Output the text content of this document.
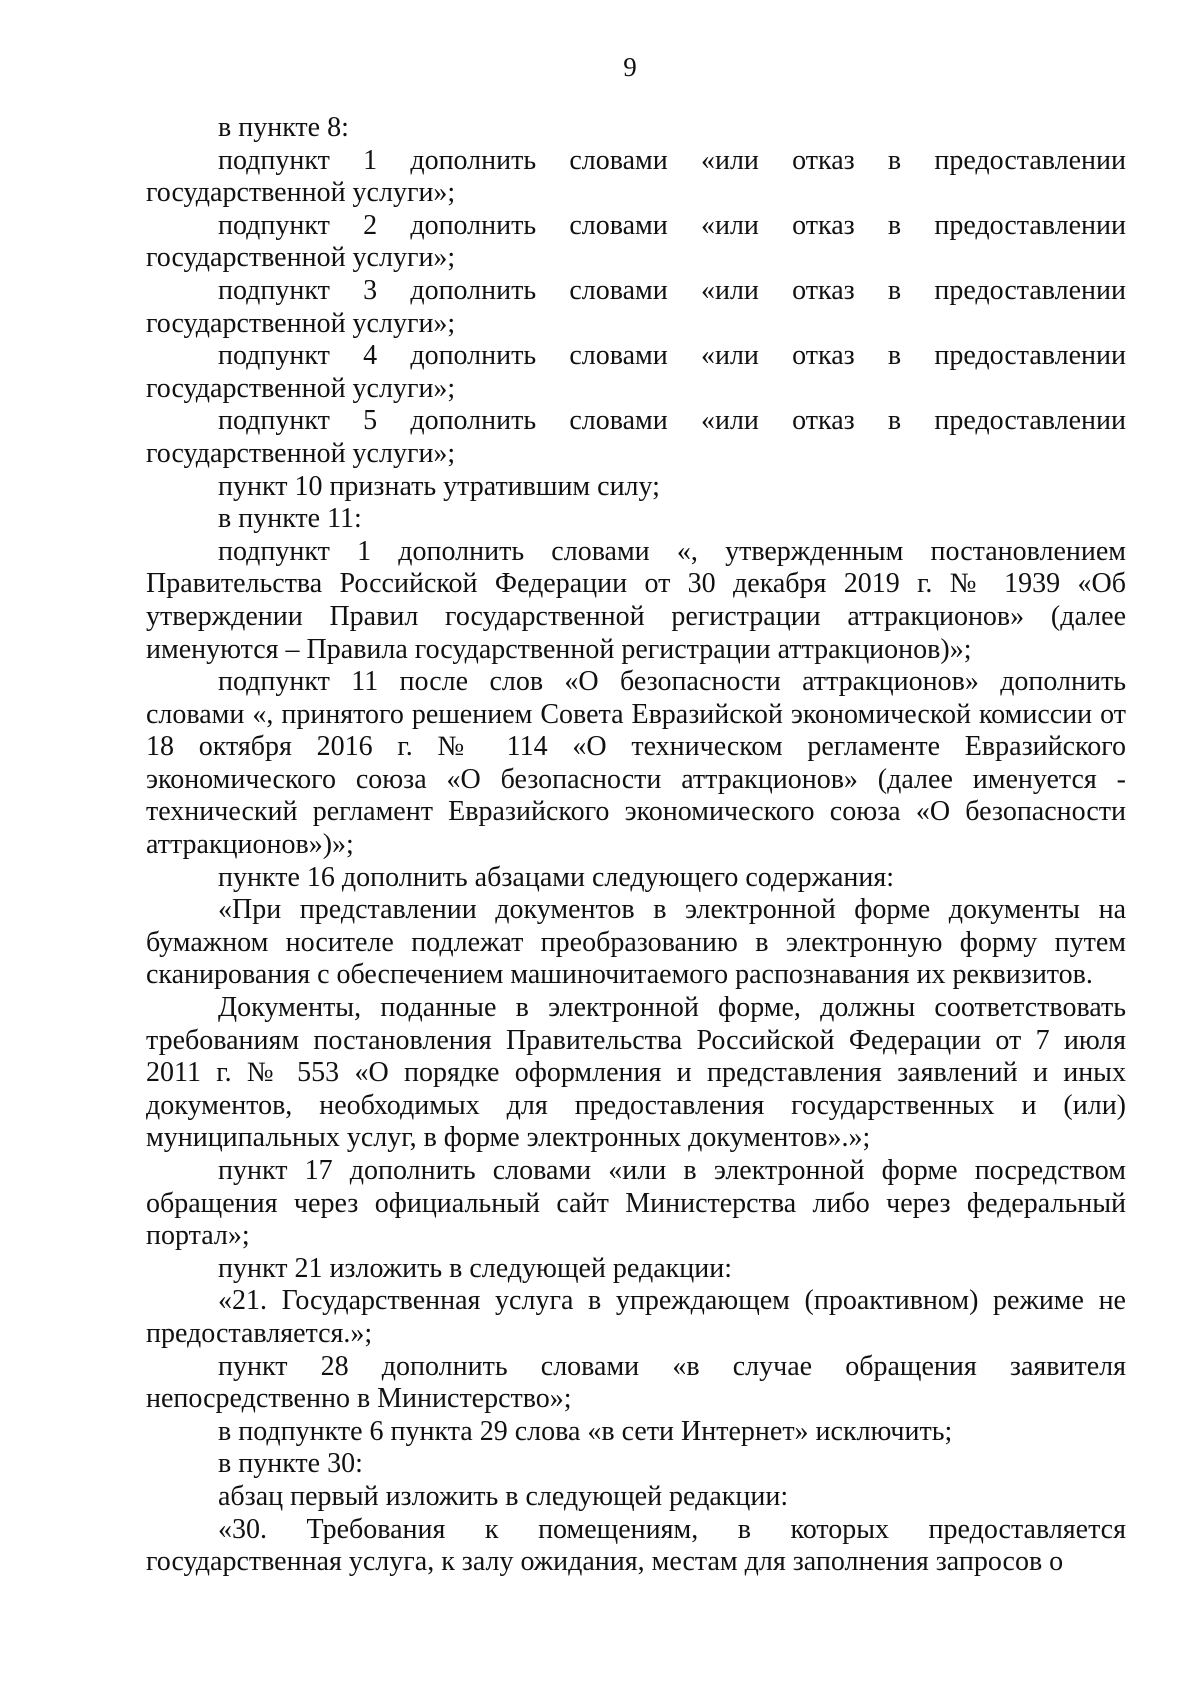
9

в пункте 8:

подпункт 1 дополнить словами «или отказ в предоставлении государственной услуги»;

подпункт 2 дополнить словами «или отказ в предоставлении государственной услуги»;

подпункт 3 дополнить словами «или отказ в предоставлении государственной услуги»;

подпункт 4 дополнить словами «или отказ в предоставлении государственной услуги»;

подпункт 5 дополнить словами «или отказ в предоставлении государственной услуги»;

пункт 10 признать утратившим силу;

в пункте 11:

подпункт 1 дополнить словами «, утвержденным постановлением Правительства Российской Федерации от 30 декабря 2019 г. № 1939 «Об утверждении Правил государственной регистрации аттракционов» (далее именуются – Правила государственной регистрации аттракционов)»;

подпункт 11 после слов «О безопасности аттракционов» дополнить словами «, принятого решением Совета Евразийской экономической комиссии от 18 октября 2016 г. № 114 «О техническом регламенте Евразийского экономического союза «О безопасности аттракционов» (далее именуется - технический регламент Евразийского экономического союза «О безопасности аттракционов»)»;

пункте 16 дополнить абзацами следующего содержания:

«При представлении документов в электронной форме документы на бумажном носителе подлежат преобразованию в электронную форму путем сканирования с обеспечением машиночитаемого распознавания их реквизитов.

Документы, поданные в электронной форме, должны соответствовать требованиям постановления Правительства Российской Федерации от 7 июля 2011 г. № 553 «О порядке оформления и представления заявлений и иных документов, необходимых для предоставления государственных и (или) муниципальных услуг, в форме электронных документов».»;

пункт 17 дополнить словами «или в электронной форме посредством обращения через официальный сайт Министерства либо через федеральный портал»;

пункт 21 изложить в следующей редакции:

«21. Государственная услуга в упреждающем (проактивном) режиме не предоставляется.»;

пункт 28 дополнить словами «в случае обращения заявителя непосредственно в Министерство»;

в подпункте 6 пункта 29 слова «в сети Интернет» исключить;

в пункте 30:

абзац первый изложить в следующей редакции:

«30. Требования к помещениям, в которых предоставляется государственная услуга, к залу ожидания, местам для заполнения запросов о
